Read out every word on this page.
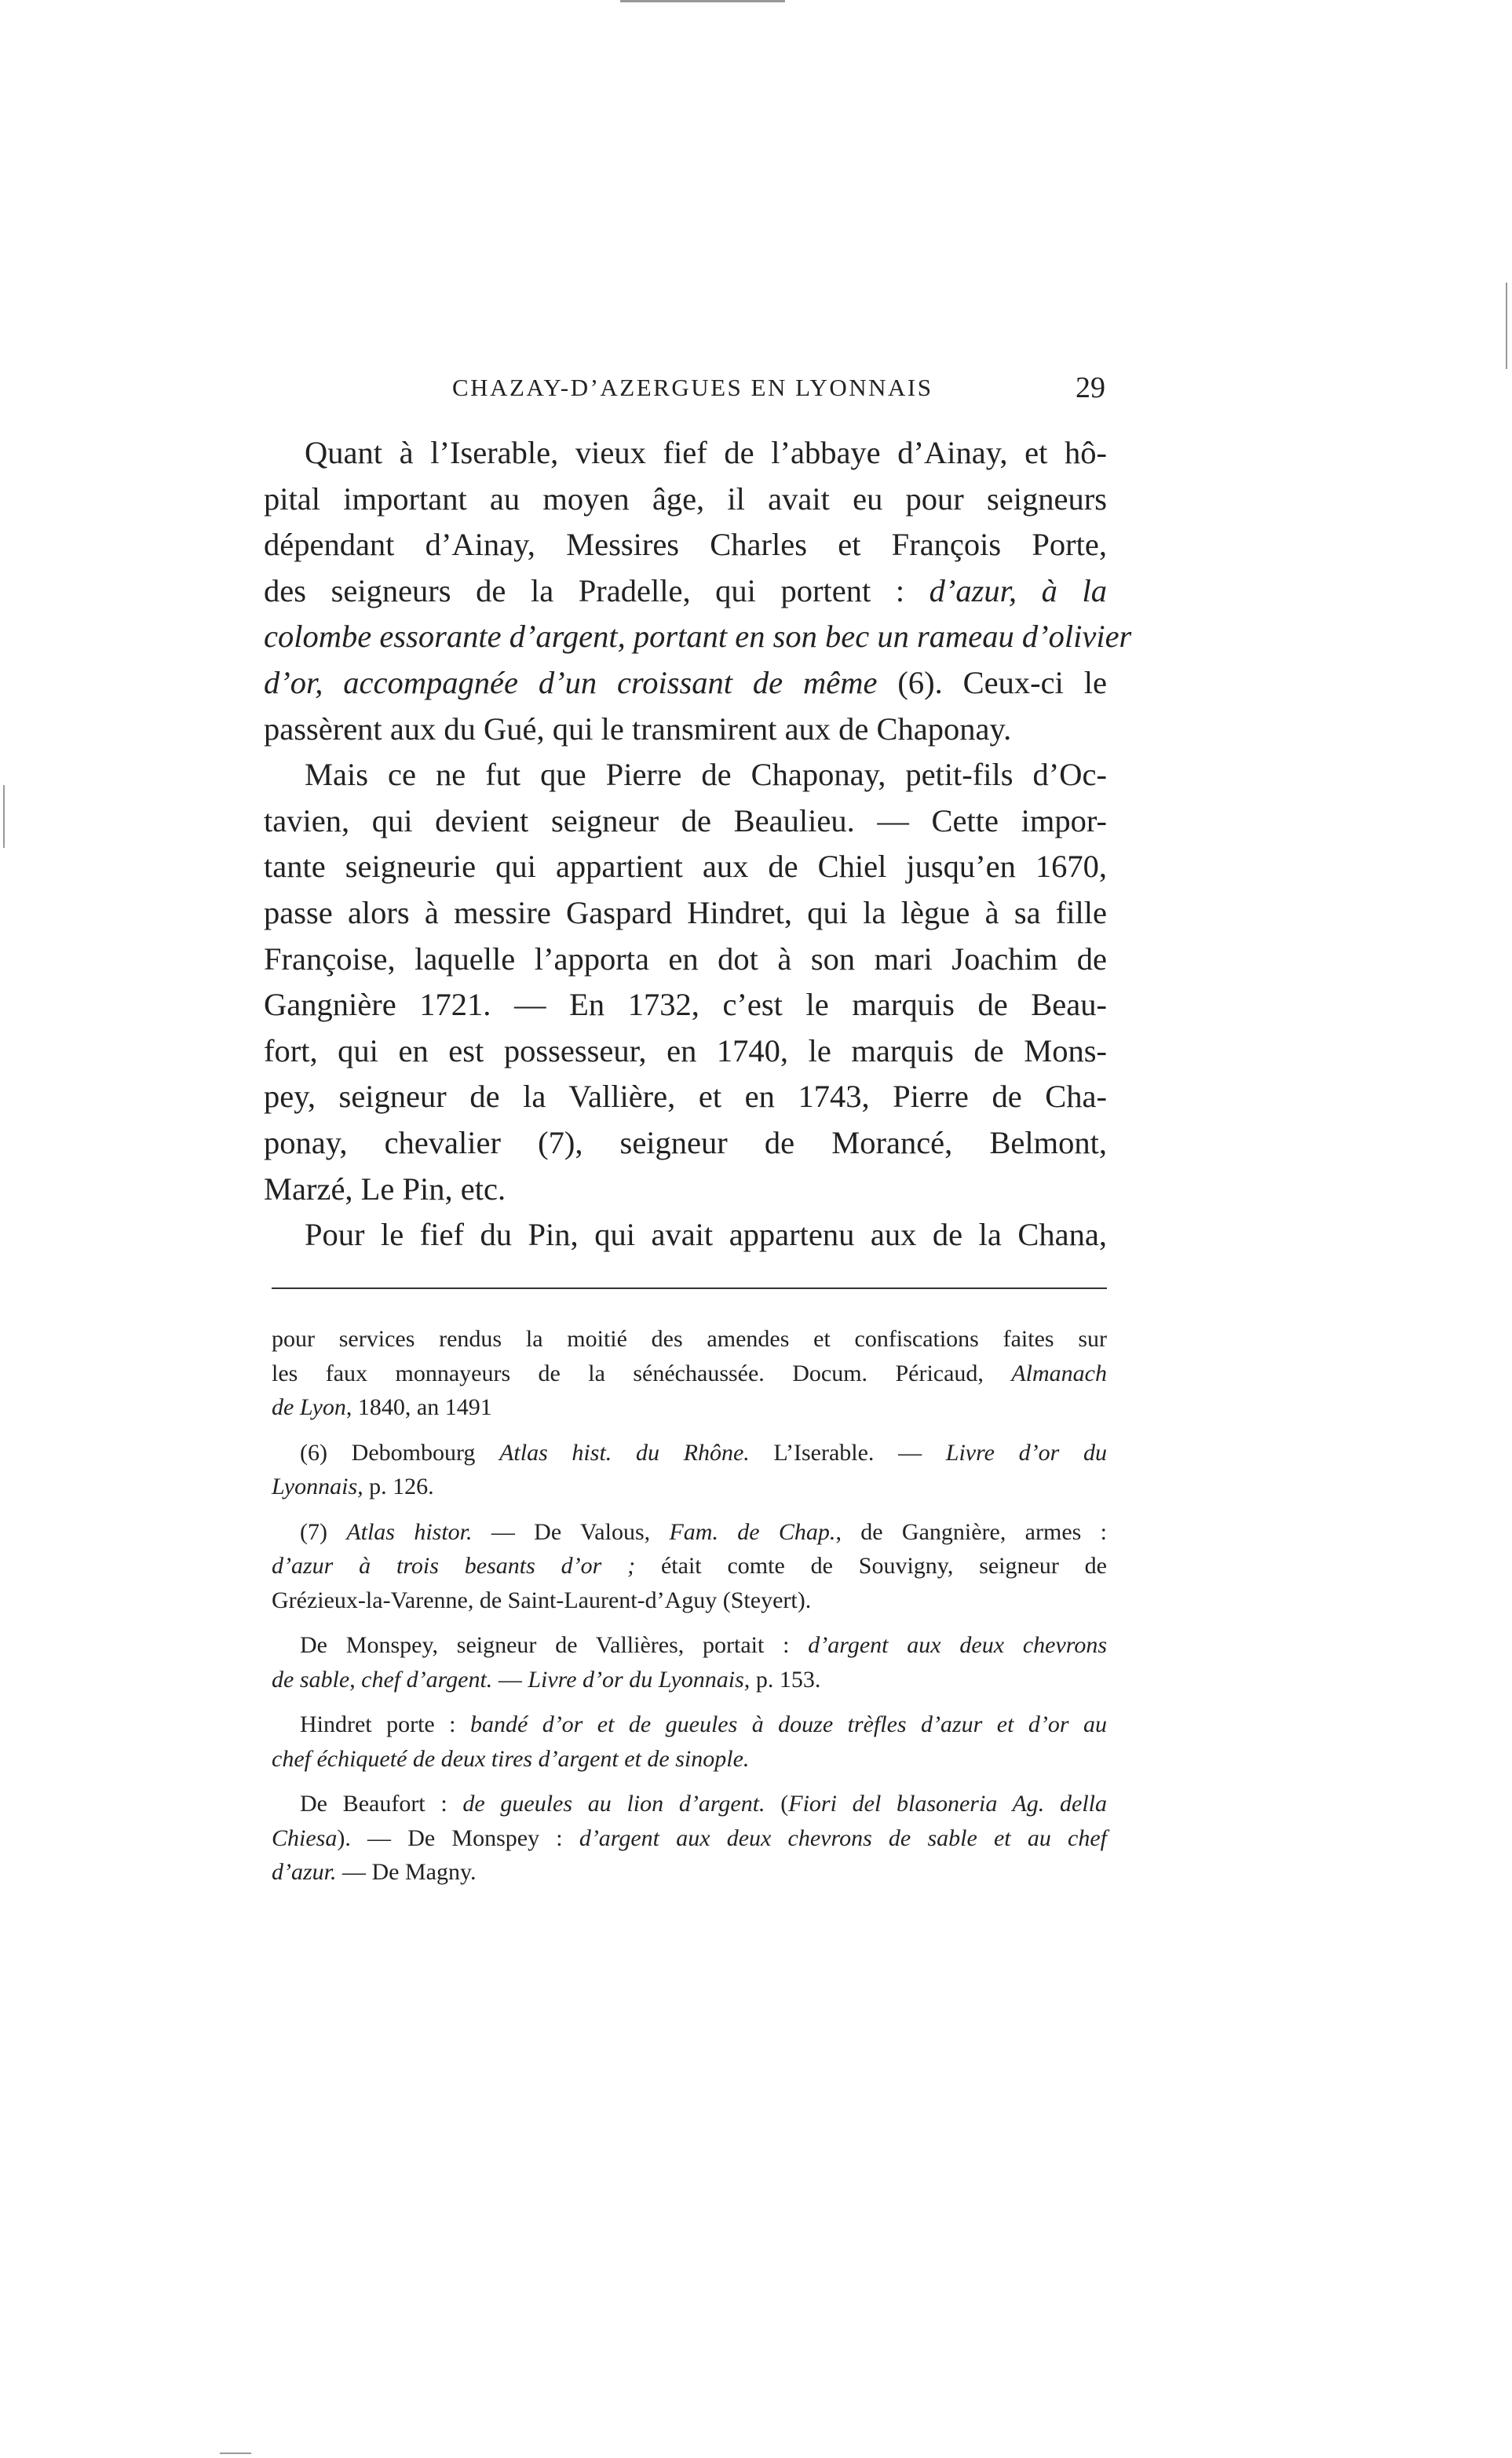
CHAZAY-D’AZERGUES EN LYONNAIS	29

Quant à l’Iserable, vieux fief de l’abbaye d’Ainay, et hô-
pital important au moyen âge, il avait eu pour seigneurs
dépendant d’Ainay, Messires Charles et François Porte,
des seigneurs de la Pradelle, qui portent : d’azur, à la
colombe essorante d’argent, portant en son bec un rameau d’olivier
d’or, accompagnée d’un croissant de même (6). Ceux-ci le
passèrent aux du Gué, qui le transmirent aux de Chaponay.

Mais ce ne fut que Pierre de Chaponay, petit-fils d’Oc-
tavien, qui devient seigneur de Beaulieu. — Cette impor-
tante seigneurie qui appartient aux de Chiel jusqu’en 1670,
passe alors à messire Gaspard Hindret, qui la lègue à sa fille
Françoise, laquelle l’apporta en dot à son mari Joachim de
Gangnière 1721. — En 1732, c’est le marquis de Beau-
fort, qui en est possesseur, en 1740, le marquis de Mons-
pey, seigneur de la Vallière, et en 1743, Pierre de Cha-
ponay, chevalier (7), seigneur de Morancé, Belmont,
Marzé, Le Pin, etc.

Pour le fief du Pin, qui avait appartenu aux de la Chana,

pour services rendus la moitié des amendes et confiscations faites sur
les faux monnayeurs de la sénéchaussée. Docum. Péricaud, Almanach
de Lyon, 1840, an 1491

(6) Debombourg Atlas hist. du Rhône. L’Iserable. — Livre d’or du
Lyonnais, p. 126.

(7) Atlas histor. — De Valous, Fam. de Chap., de Gangnière, armes :
d’azur à trois besants d’or ; était comte de Souvigny, seigneur de
Grézieux-la-Varenne, de Saint-Laurent-d’Aguy (Steyert).

De Monspey, seigneur de Vallières, portait : d’argent aux deux chevrons
de sable, chef d’argent. — Livre d’or du Lyonnais, p. 153.

Hindret porte : bandé d’or et de gueules à douze trèfles d’azur et d’or au
chef échiqueté de deux tires d’argent et de sinople.

De Beaufort : de gueules au lion d’argent. (Fiori del blasoneria Ag. della
Chiesa). — De Monspey : d’argent aux deux chevrons de sable et au chef
d’azur. — De Magny.
